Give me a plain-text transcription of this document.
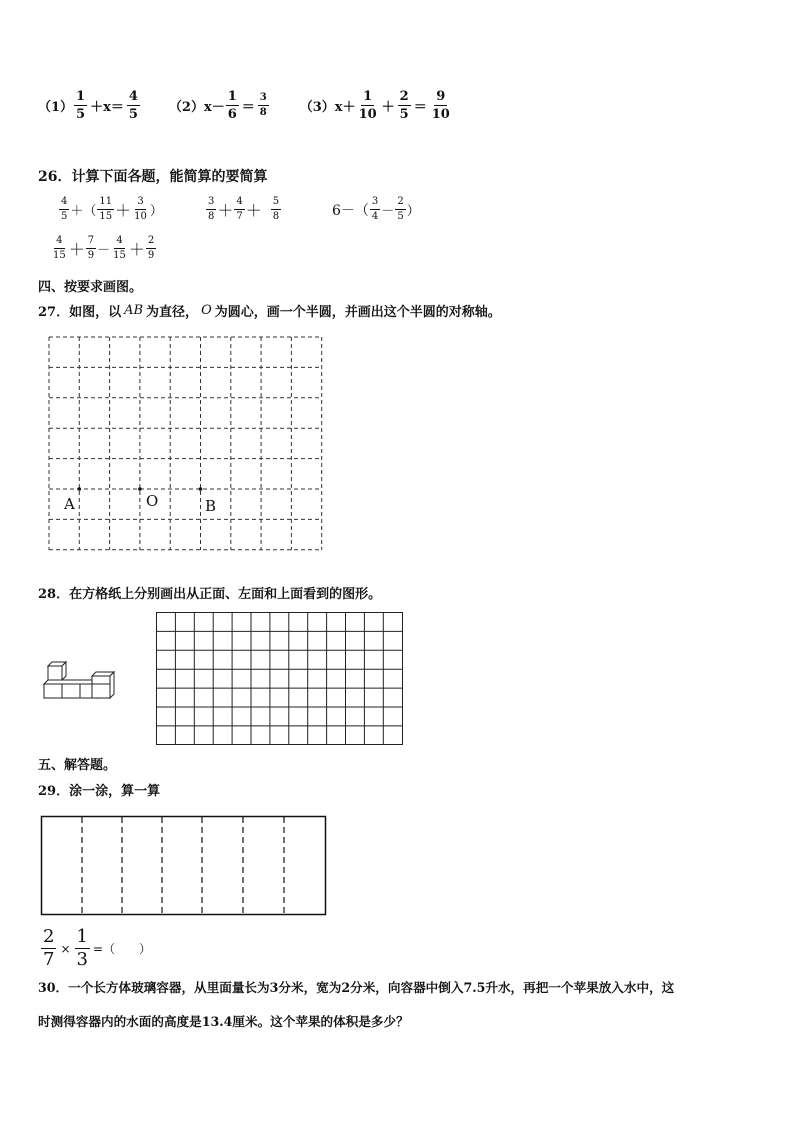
$(1) \frac{1}{5} +x= \frac{4}{5} (2)$ $x- \frac{1}{6} = \frac{3}{8} (3)$ $x+ \frac{1}{10} + \frac{2}{5} = \frac{9}{10}$
26．计算下面各题，能简算的要简算
$\frac{4}{5}$ ＋（ $\frac{11}{15} + \frac{3}{10}$ ）	$\frac{3}{8} + \frac{4}{7} + \frac{5}{8}$	$6-( \frac{3}{4} - \frac{2}{5}$ ）
$\frac{4}{15} + \frac{7}{9} - \frac{4}{15} + \frac{2}{9}$
四、按要求画图。
27．如图，以 AB 为直径， O 为圆心，画一个半圆，并画出这个半圆的对称轴。
A	O	B
28．在方格纸上分别画出从正面、左面和上面看到的图形。
五、解答题。
29．涂一涂，算一算
$\frac{2}{7} \times \frac{1}{3}$ =（　　）
30．一个长方体玻璃容器，从里面量长为3分米，宽为2分米，向容器中倒入7.5升水，再把一个苹果放入水中，这
时测得容器内的水面的高度是13.4厘米。这个苹果的体积是多少？
